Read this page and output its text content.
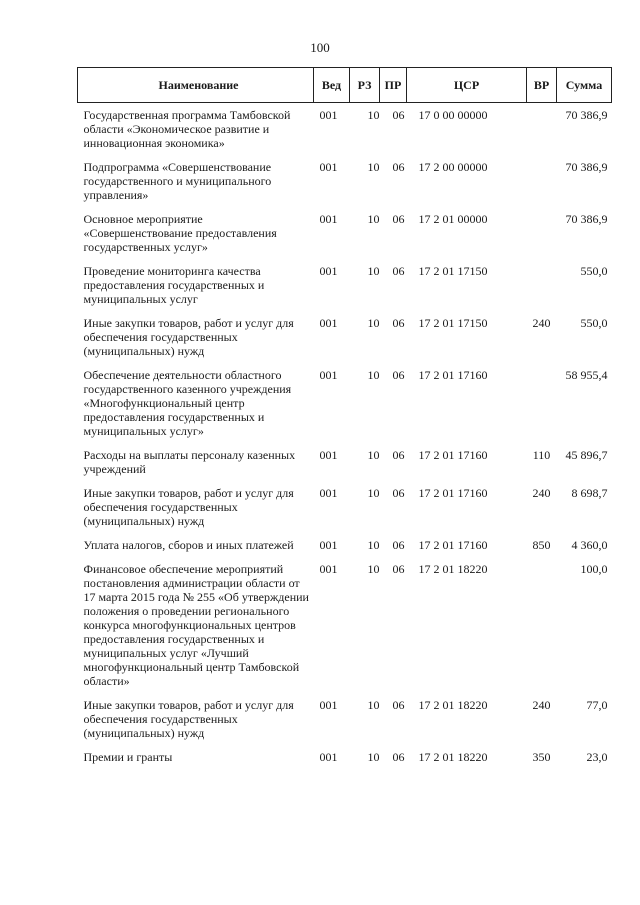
100
Наименование	Вед	РЗ	ПР	ЦСР	ВР	Сумма
Государственная программа Тамбовской области «Экономическое развитие и инновационная экономика»	001	10	06	17 0 00 00000		70 386,9
Подпрограмма «Совершенствование государственного и муниципального управления»	001	10	06	17 2 00 00000		70 386,9
Основное мероприятие «Совершенствование предоставления государственных услуг»	001	10	06	17 2 01 00000		70 386,9
Проведение мониторинга качества предоставления государственных и муниципальных услуг	001	10	06	17 2 01 17150		550,0
Иные закупки товаров, работ и услуг для обеспечения государственных (муниципальных) нужд	001	10	06	17 2 01 17150	240	550,0
Обеспечение деятельности областного государственного казенного учреждения «Многофункциональный центр предоставления государственных и муниципальных услуг»	001	10	06	17 2 01 17160		58 955,4
Расходы на выплаты персоналу казенных учреждений	001	10	06	17 2 01 17160	110	45 896,7
Иные закупки товаров, работ и услуг для обеспечения государственных (муниципальных) нужд	001	10	06	17 2 01 17160	240	8 698,7
Уплата налогов, сборов и иных платежей	001	10	06	17 2 01 17160	850	4 360,0
Финансовое обеспечение мероприятий постановления администрации области от 17 марта 2015 года № 255 «Об утверждении положения о проведении регионального конкурса многофункциональных центров предоставления государственных и муниципальных услуг «Лучший многофункциональный центр Тамбовской области»	001	10	06	17 2 01 18220		100,0
Иные закупки товаров, работ и услуг для обеспечения государственных (муниципальных) нужд	001	10	06	17 2 01 18220	240	77,0
Премии и гранты	001	10	06	17 2 01 18220	350	23,0
